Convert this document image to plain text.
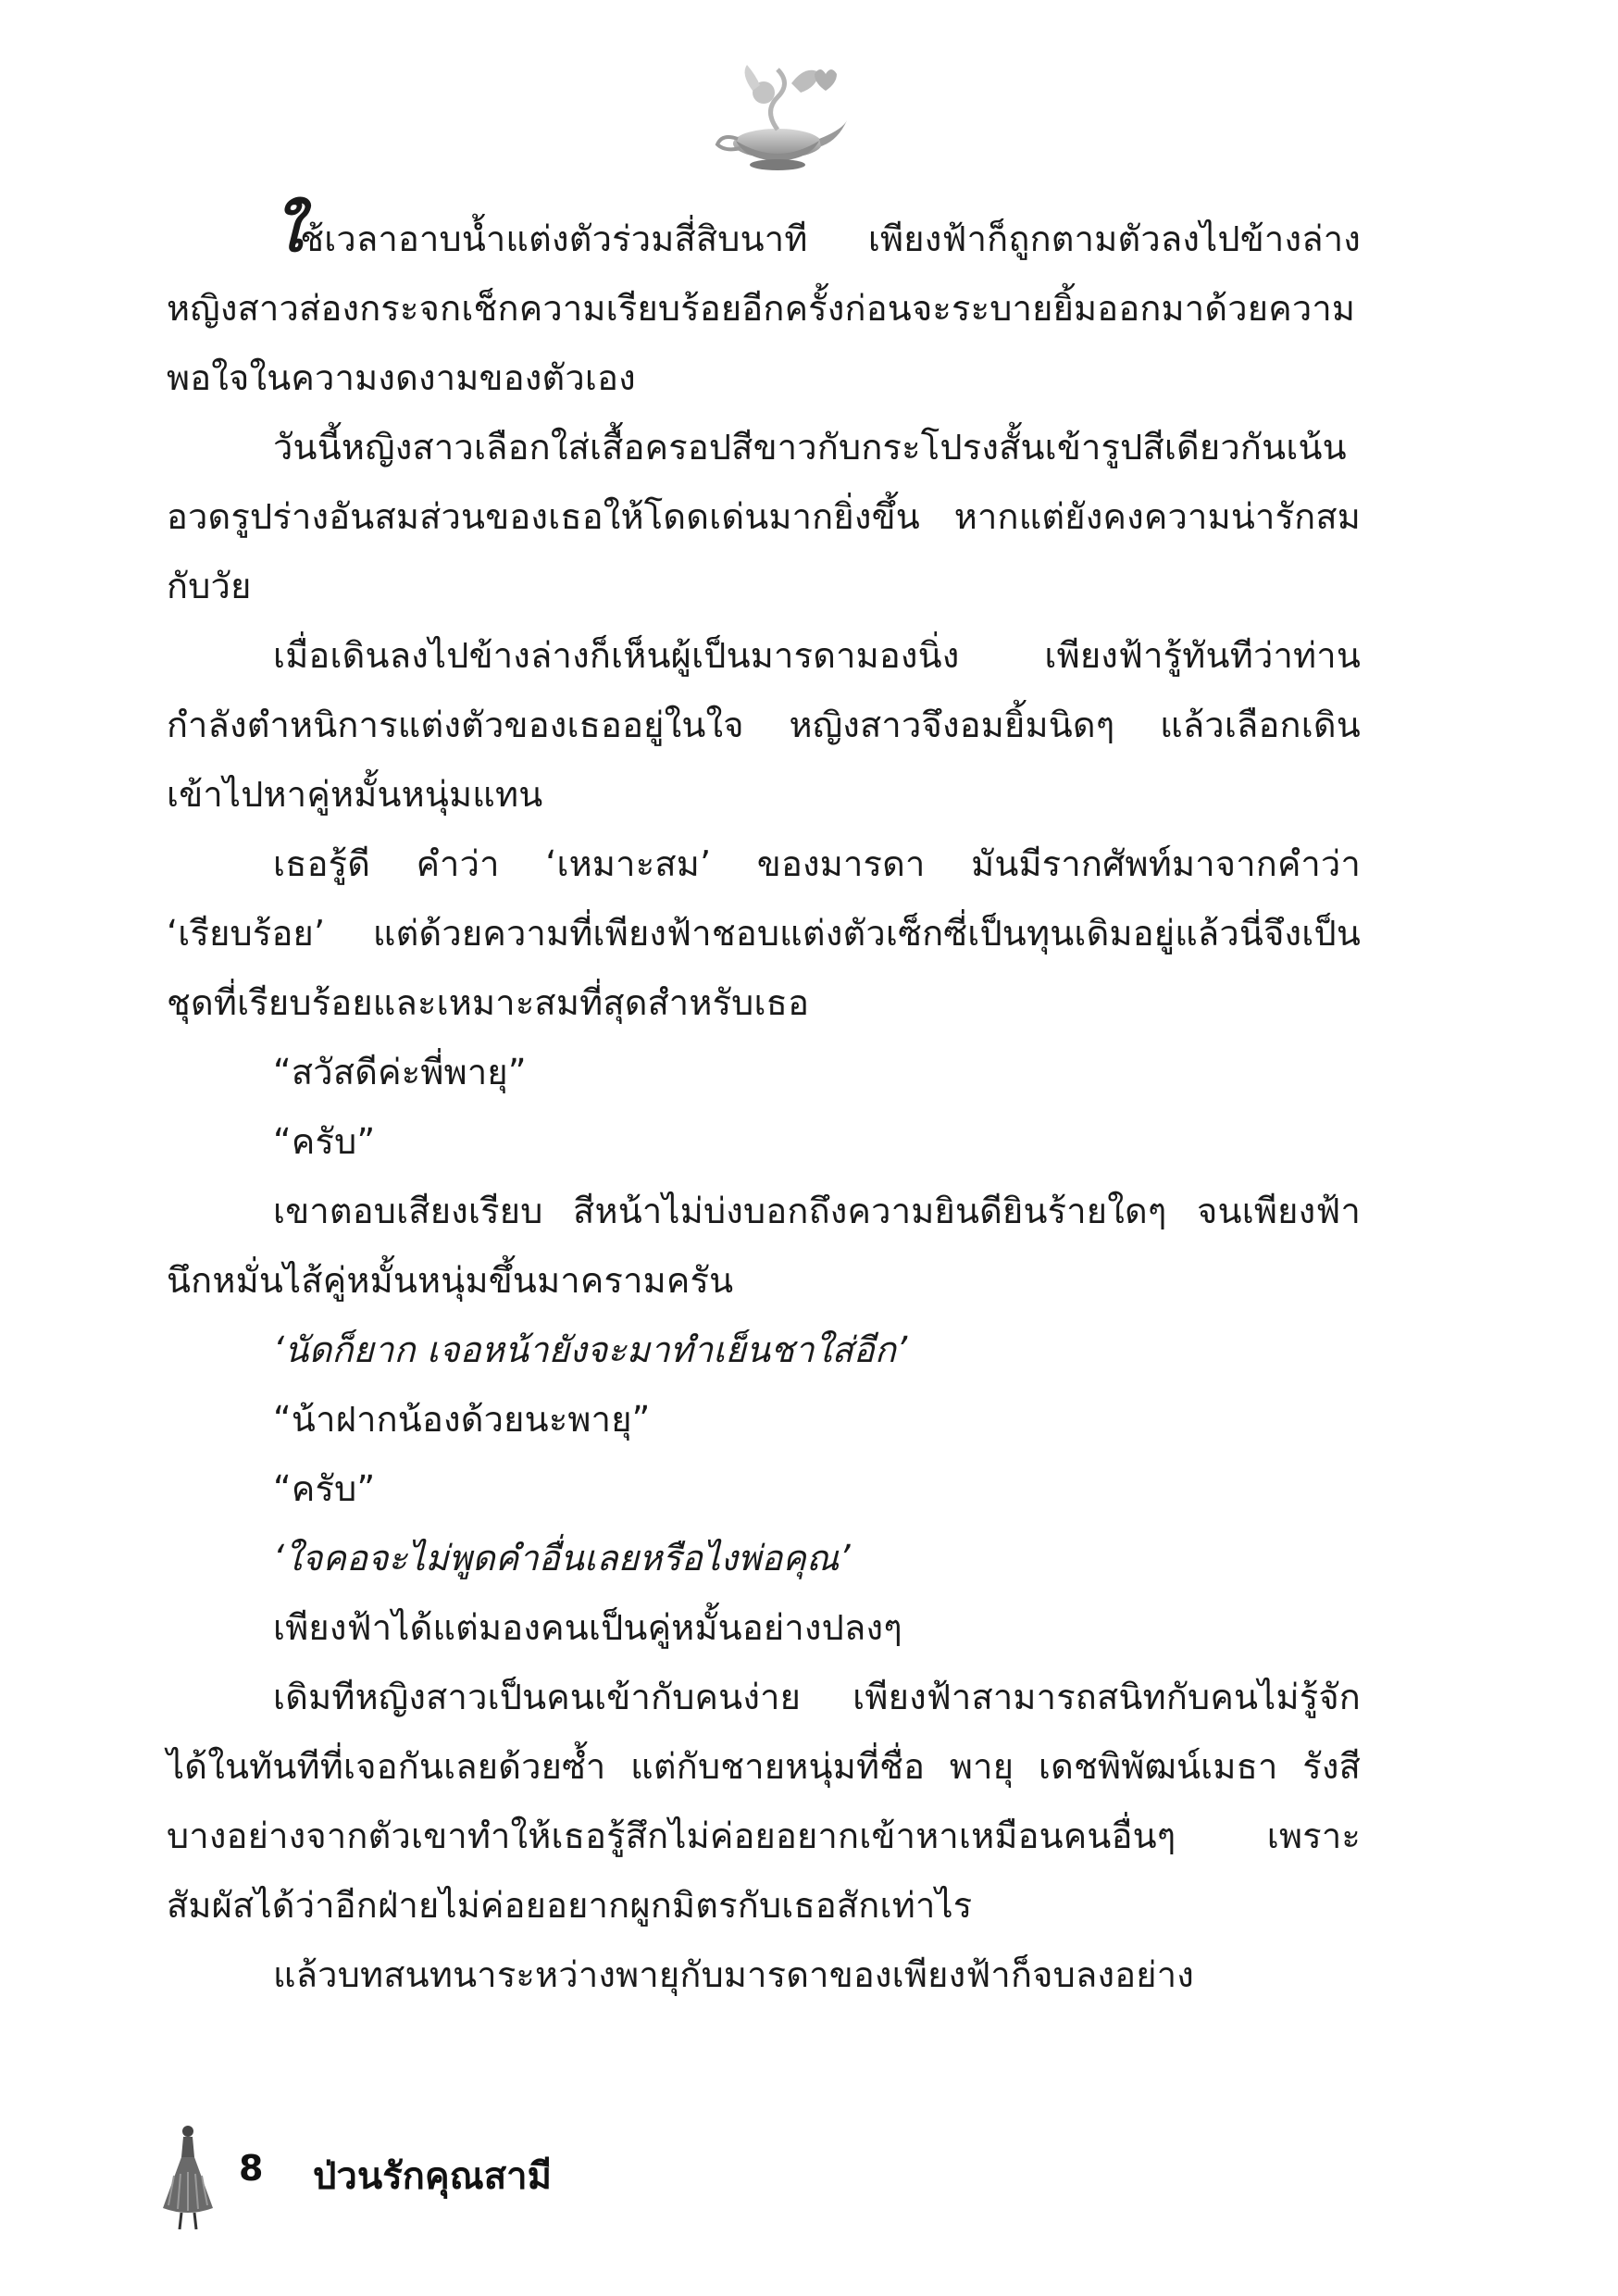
ใช้เวลาอาบน้ำแต่งตัวร่วมสี่สิบนาที เพียงฟ้าก็ถูกตามตัวลงไปข้างล่าง หญิงสาวส่องกระจกเช็กความเรียบร้อยอีกครั้งก่อนจะระบายยิ้มออกมาด้วยความพอใจในความงดงามของตัวเอง

วันนี้หญิงสาวเลือกใส่เสื้อครอปสีขาวกับกระโปรงสั้นเข้ารูปสีเดียวกันเน้นอวดรูปร่างอันสมส่วนของเธอให้โดดเด่นมากยิ่งขึ้น หากแต่ยังคงความน่ารักสมกับวัย

เมื่อเดินลงไปข้างล่างก็เห็นผู้เป็นมารดามองนิ่ง เพียงฟ้ารู้ทันทีว่าท่านกำลังตำหนิการแต่งตัวของเธออยู่ในใจ หญิงสาวจึงอมยิ้มนิดๆ แล้วเลือกเดินเข้าไปหาคู่หมั้นหนุ่มแทน

เธอรู้ดี คำว่า ‘เหมาะสม’ ของมารดา มันมีรากศัพท์มาจากคำว่า ‘เรียบร้อย’ แต่ด้วยความที่เพียงฟ้าชอบแต่งตัวเซ็กซี่เป็นทุนเดิมอยู่แล้วนี่จึงเป็นชุดที่เรียบร้อยและเหมาะสมที่สุดสำหรับเธอ

“สวัสดีค่ะพี่พายุ”

“ครับ”

เขาตอบเสียงเรียบ สีหน้าไม่บ่งบอกถึงความยินดียินร้ายใดๆ จนเพียงฟ้านึกหมั่นไส้คู่หมั้นหนุ่มขึ้นมาครามครัน

‘นัดก็ยาก เจอหน้ายังจะมาทำเย็นชาใส่อีก’

“น้าฝากน้องด้วยนะพายุ”

“ครับ”

‘ใจคอจะไม่พูดคำอื่นเลยหรือไงพ่อคุณ’

เพียงฟ้าได้แต่มองคนเป็นคู่หมั้นอย่างปลงๆ

เดิมทีหญิงสาวเป็นคนเข้ากับคนง่าย เพียงฟ้าสามารถสนิทกับคนไม่รู้จักได้ในทันทีที่เจอกันเลยด้วยซ้ำ แต่กับชายหนุ่มที่ชื่อ พายุ เดชพิพัฒน์เมธา รังสีบางอย่างจากตัวเขาทำให้เธอรู้สึกไม่ค่อยอยากเข้าหาเหมือนคนอื่นๆ เพราะสัมผัสได้ว่าอีกฝ่ายไม่ค่อยอยากผูกมิตรกับเธอสักเท่าไร

แล้วบทสนทนาระหว่างพายุกับมารดาของเพียงฟ้าก็จบลงอย่าง

8 ป่วนรักคุณสามี
